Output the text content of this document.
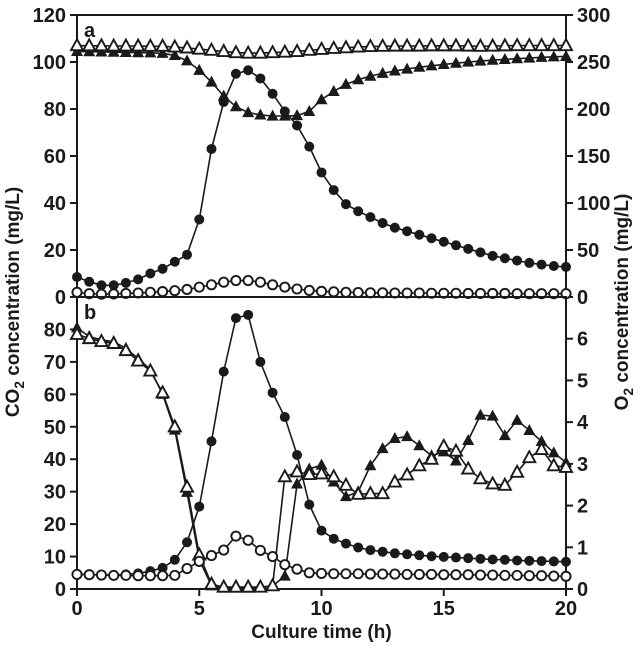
0
20
40
60
80
100
120
0
50
100
150
200
250
300
0
10
20
30
40
50
60
70
80
0
1
2
3
4
5
6
0	5	10	15	20
$CO_2$ concentration (mg/L)
$O_2$ concentration (mg/L)
Culture time (h)
a
b
